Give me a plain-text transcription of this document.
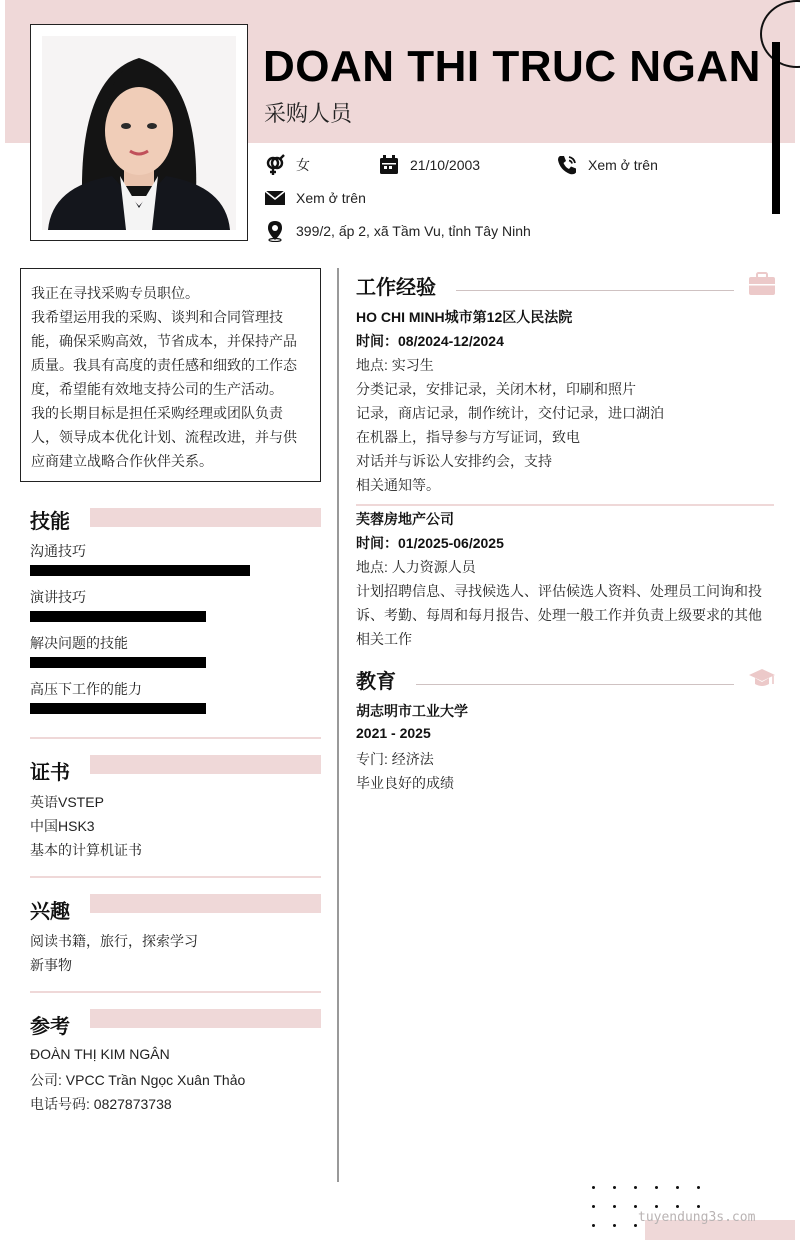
DOAN THI TRUC NGAN
采购人员
女	21/10/2003	Xem ở trên
Xem ở trên
399/2, ấp 2, xã Tầm Vu, tỉnh Tây Ninh

我正在寻找采购专员职位。

我希望运用我的采购、谈判和合同管理技能，确保采购高效，节省成本，并保持产品质量。我具有高度的责任感和细致的工作态度，希望能有效地支持公司的生产活动。

我的长期目标是担任采购经理或团队负责人，领导成本优化计划、流程改进，并与供应商建立战略合作伙伴关系。

技能
沟通技巧
演讲技巧
解决问题的技能
高压下工作的能力
证书
英语VSTEP
中国HSK3
基本的计算机证书
兴趣
阅读书籍，旅行，探索学习
新事物
参考
ĐOÀN THỊ KIM NGÂN
公司: VPCC Trần Ngọc Xuân Thảo
电话号码: 0827873738
工作经验
HO CHI MINH城市第12区人民法院
时间：08/2024-12/2024
地点: 实习生
分类记录，安排记录，关闭木材，印刷和照片
记录，商店记录，制作统计，交付记录，进口湖泊
在机器上，指导参与方写证词，致电
对话并与诉讼人安排约会，支持
相关通知等。
芙蓉房地产公司
时间：01/2025-06/2025
地点: 人力资源人员
计划招聘信息、寻找候选人、评估候选人资料、处理员工问询和投
诉、考勤、每周和每月报告、处理一般工作并负责上级要求的其他
相关工作
教育
胡志明市工业大学
2021 - 2025
专门: 经济法
毕业良好的成绩
tuyendung3s.com
